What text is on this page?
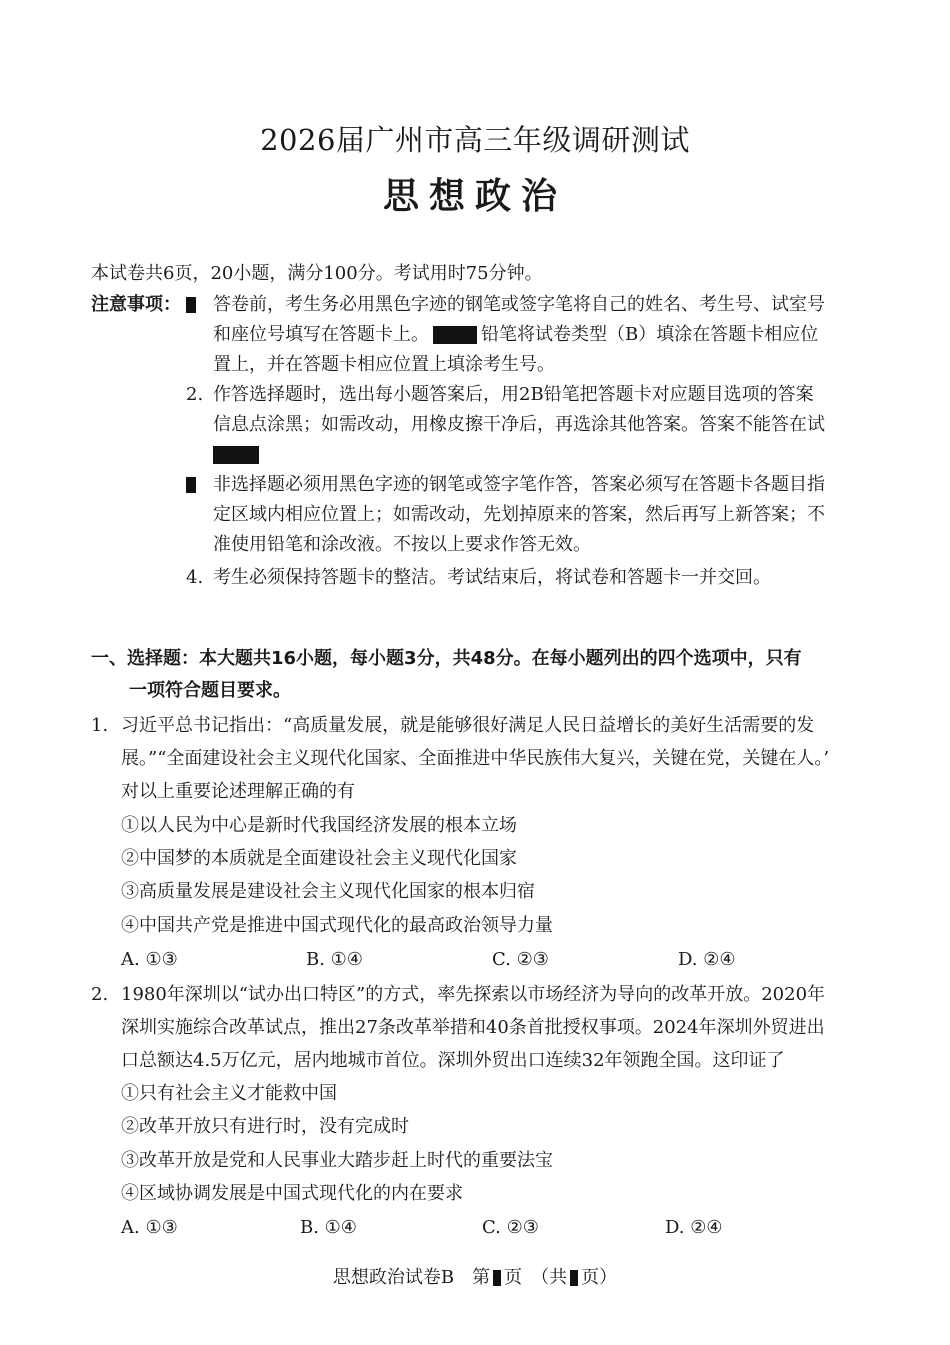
2026届广州市高三年级调研测试
思想政治
本试卷共6页，20小题，满分100分。考试用时75分钟。
注意事项： 答卷前，考生务必用黑色字迹的钢笔或签字笔将自己的姓名、考生号、试室号
和座位号填写在答题卡上。	铅笔将试卷类型（B）填涂在答题卡相应位
置上，并在答题卡相应位置上填涂考生号。
2. 作答选择题时，选出每小题答案后，用2B铅笔把答题卡对应题目选项的答案
信息点涂黑；如需改动，用橡皮擦干净后，再选涂其他答案。答案不能答在试
非选择题必须用黑色字迹的钢笔或签字笔作答，答案必须写在答题卡各题目指
定区域内相应位置上；如需改动，先划掉原来的答案，然后再写上新答案；不
准使用铅笔和涂改液。不按以上要求作答无效。
4. 考生必须保持答题卡的整洁。考试结束后，将试卷和答题卡一并交回。
一、选择题：本大题共16小题，每小题3分，共48分。在每小题列出的四个选项中，只有
一项符合题目要求。
1. 习近平总书记指出：“高质量发展，就是能够很好满足人民日益增长的美好生活需要的发
展。”“全面建设社会主义现代化国家、全面推进中华民族伟大复兴，关键在党，关键在人。’
对以上重要论述理解正确的有
①以人民为中心是新时代我国经济发展的根本立场
②中国梦的本质就是全面建设社会主义现代化国家
③高质量发展是建设社会主义现代化国家的根本归宿
④中国共产党是推进中国式现代化的最高政治领导力量
A. ①③	B. ①④	C. ②③	D. ②④
2. 1980年深圳以“试办出口特区”的方式，率先探索以市场经济为导向的改革开放。2020年
深圳实施综合改革试点，推出27条改革举措和40条首批授权事项。2024年深圳外贸进出
口总额达4.5万亿元，居内地城市首位。深圳外贸出口连续32年领跑全国。这印证了
①只有社会主义才能救中国
②改革开放只有进行时，没有完成时
③改革开放是党和人民事业大踏步赶上时代的重要法宝
④区域协调发展是中国式现代化的内在要求
A. ①③	B. ①④	C. ②③	D. ②④
思想政治试卷B　第 页　（共 页）
